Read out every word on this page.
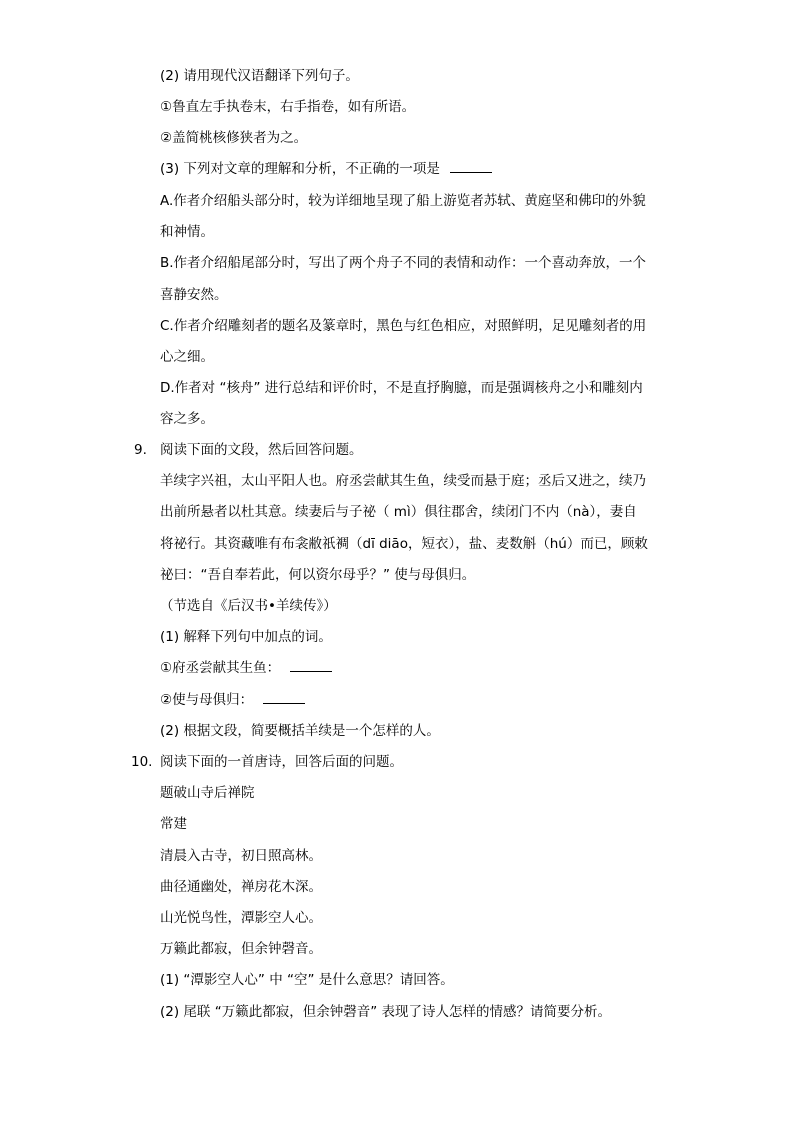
(2) 请用现代汉语翻译下列句子。
①鲁直左手执卷末，右手指卷，如有所语。
②盖简桃核修狭者为之。
(3) 下列对文章的理解和分析，不正确的一项是
A.作者介绍船头部分时，较为详细地呈现了船上游览者苏轼、黄庭坚和佛印的外貌
和神情。
B.作者介绍船尾部分时，写出了两个舟子不同的表情和动作：一个喜动奔放，一个
喜静安然。
C.作者介绍雕刻者的题名及篆章时，黑色与红色相应，对照鲜明，足见雕刻者的用
心之细。
D.作者对 “核舟” 进行总结和评价时，不是直抒胸臆，而是强调核舟之小和雕刻内
容之多。
9. 阅读下面的文段，然后回答问题。
羊续字兴祖，太山平阳人也。府丞尝献其生鱼，续受而悬于庭；丞后又进之，续乃
出前所悬者以杜其意。续妻后与子祕（ mì）俱往郡舍，续闭门不内（nà），妻自
将祕行。其资藏唯有布衾敝祇裯（dī diāo，短衣），盐、麦数斛（hú）而已，顾敕
祕曰：“吾自奉若此，何以资尔母乎？” 使与母俱归。
（节选自《后汉书•羊续传》）
(1) 解释下列句中加点的词。
①府丞尝献其生鱼：
②使与母俱归：
(2) 根据文段，简要概括羊续是一个怎样的人。
10. 阅读下面的一首唐诗，回答后面的问题。
题破山寺后禅院
常建
清晨入古寺，初日照高林。
曲径通幽处，禅房花木深。
山光悦鸟性，潭影空人心。
万籁此都寂，但余钟磬音。
(1) “潭影空人心” 中 “空” 是什么意思？请回答。
(2) 尾联 “万籁此都寂，但余钟磬音” 表现了诗人怎样的情感？请简要分析。
